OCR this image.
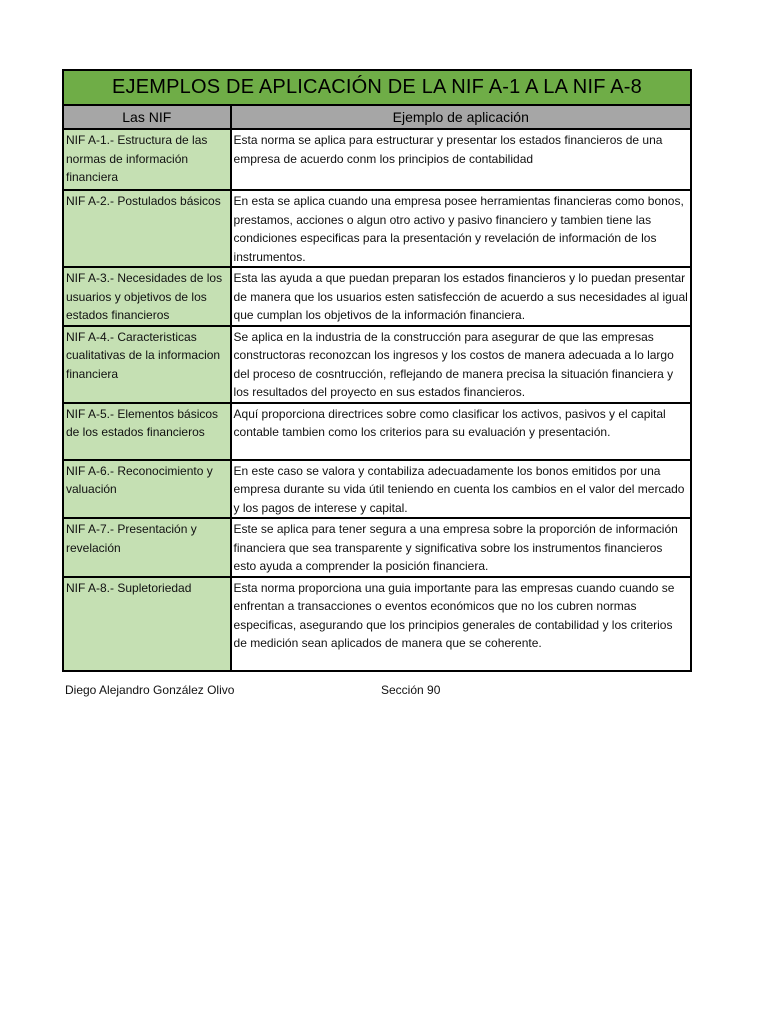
EJEMPLOS DE APLICACIÓN DE LA NIF A-1 A LA NIF A-8	
Las NIF	Ejemplo de aplicación
NIF A-1.- Estructura de las normas de información financiera	Esta norma se aplica para estructurar y presentar los estados financieros de una empresa de acuerdo conm los principios de contabilidad
NIF A-2.- Postulados básicos	En esta se aplica cuando una empresa posee herramientas financieras como bonos, prestamos, acciones o algun otro activo y pasivo financiero y tambien tiene las condiciones especificas para la presentación y revelación de información de los instrumentos.
NIF A-3.- Necesidades de los usuarios y objetivos de los estados financieros	Esta las ayuda a que puedan preparan los estados financieros y lo puedan presentar de manera que los usuarios esten satisfección de acuerdo a sus necesidades al igual que cumplan los objetivos de la información financiera.
NIF A-4.- Caracteristicas cualitativas de la informacion financiera	Se aplica en la industria de la construcción para asegurar de que las empresas constructoras reconozcan los ingresos y los costos de manera adecuada a lo largo del proceso de cosntrucción, reflejando de manera precisa la situación financiera y los resultados del proyecto en sus estados financieros.
NIF A-5.- Elementos básicos de los estados financieros	Aquí proporciona directrices sobre como clasificar los activos, pasivos y el capital contable tambien como los criterios para su evaluación y presentación.
NIF A-6.- Reconocimiento y valuación	En este caso se valora y contabiliza adecuadamente los bonos emitidos por una empresa durante su vida útil teniendo en cuenta los cambios en el valor del mercado y los pagos de interese y capital.
NIF A-7.- Presentación y revelación	Este se aplica para tener segura a una empresa sobre la proporción de información financiera que sea transparente y significativa sobre los instrumentos financieros esto ayuda a comprender la posición financiera.
NIF A-8.- Supletoriedad	Esta norma proporciona una guia importante para las empresas cuando cuando se enfrentan a transacciones o eventos económicos que no los cubren normas especificas, asegurando que los principios generales de contabilidad y los criterios de medición sean aplicados de manera que se coherente.
Diego Alejandro González Olivo	Sección 90
